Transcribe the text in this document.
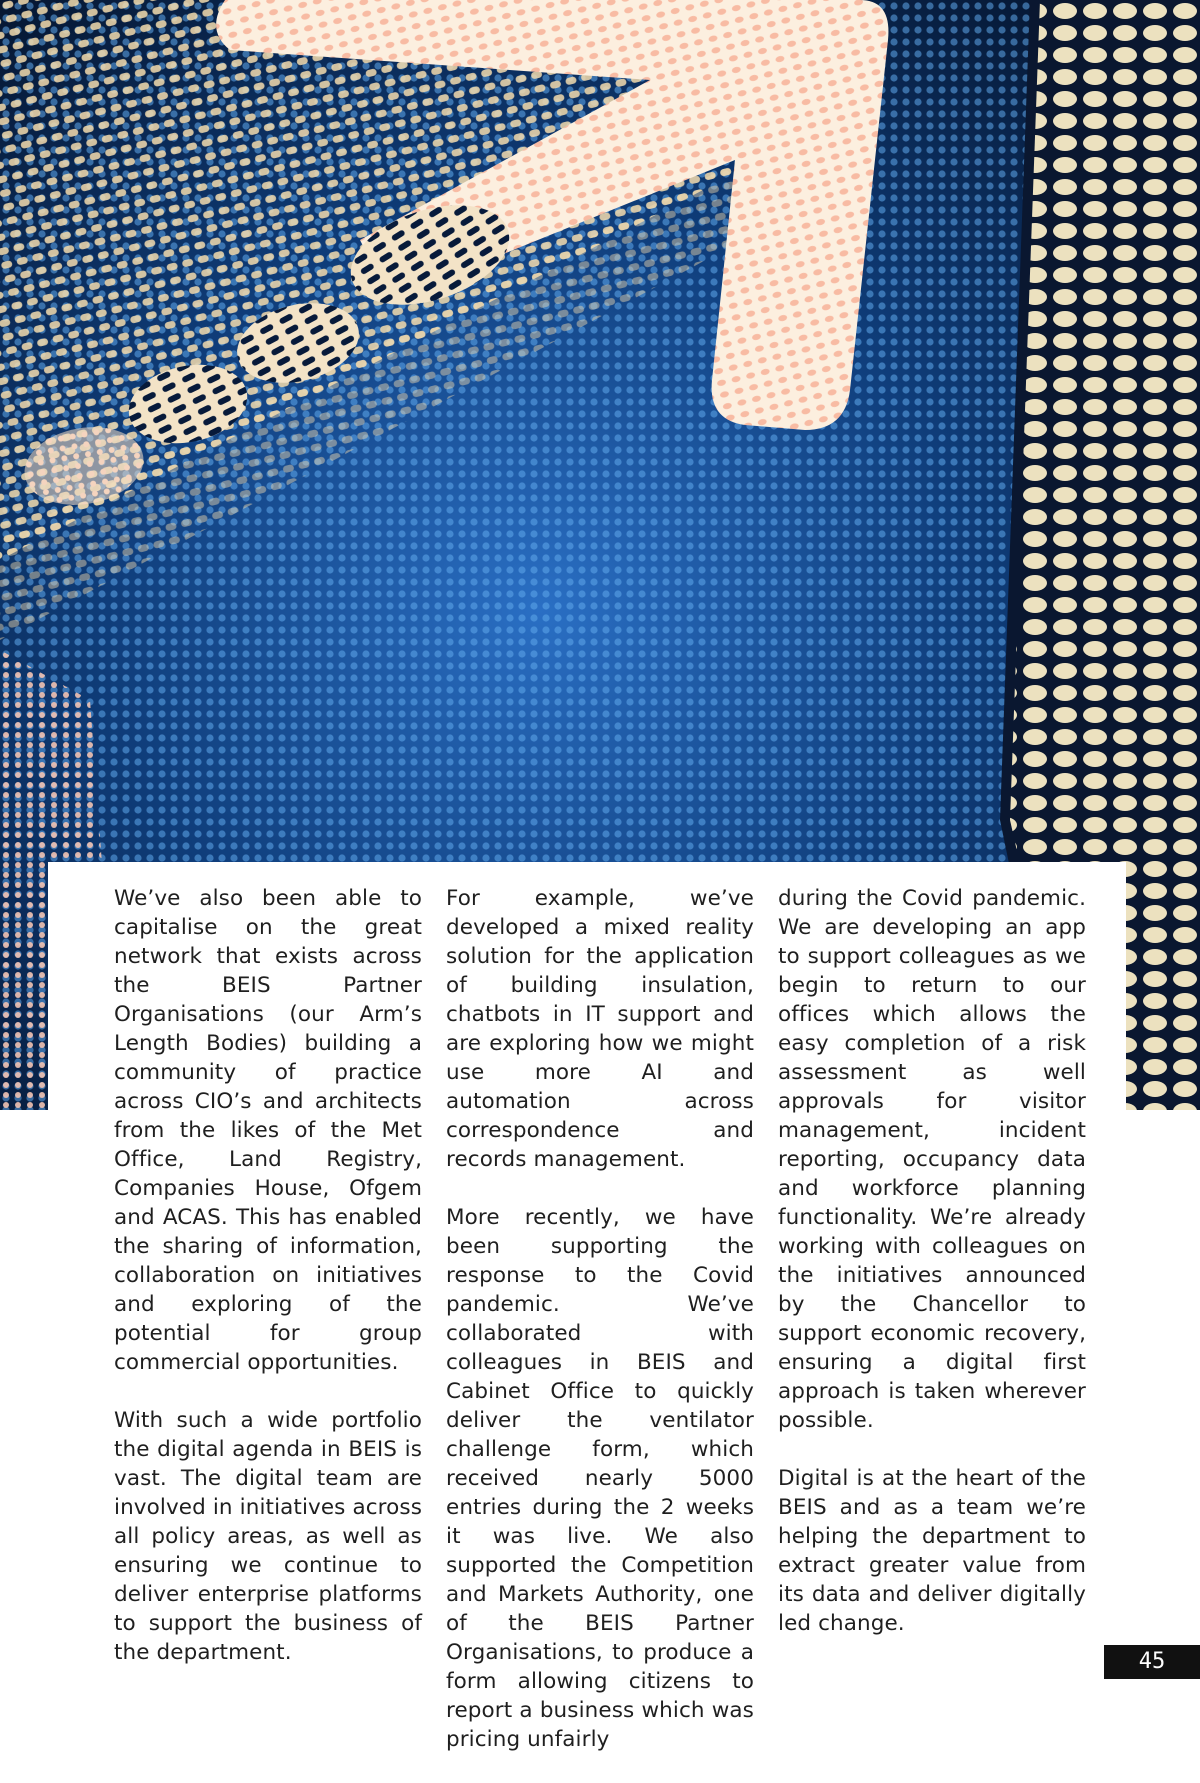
We’ve also been able to capitalise on the great network that exists across the BEIS Partner Organisations (our Arm’s Length Bodies) building a community of practice across CIO’s and architects from the likes of the Met Office, Land Registry, Companies House, Ofgem and ACAS. This has enabled the sharing of information, collaboration on initiatives and exploring of the potential for group commercial opportunities.

With such a wide portfolio the digital agenda in BEIS is vast. The digital team are involved in initiatives across all policy areas, as well as ensuring we continue to deliver enterprise platforms to support the business of the department.

For example, we’ve developed a mixed reality solution for the application of building insulation, chatbots in IT support and are exploring how we might use more AI and automation across correspondence and records management.

More recently, we have been supporting the response to the Covid pandemic. We’ve collaborated with colleagues in BEIS and Cabinet Office to quickly deliver the ventilator challenge form, which received nearly 5000 entries during the 2 weeks it was live. We also supported the Competition and Markets Authority, one of the BEIS Partner Organisations, to produce a form allowing citizens to report a business which was pricing unfairly

during the Covid pandemic. We are developing an app to support colleagues as we begin to return to our offices which allows the easy completion of a risk assessment as well approvals for visitor management, incident reporting, occupancy data and workforce planning functionality. We’re already working with colleagues on the initiatives announced by the Chancellor to support economic recovery, ensuring a digital first approach is taken wherever possible.

Digital is at the heart of the BEIS and as a team we’re helping the department to extract greater value from its data and deliver digitally led change.

45
